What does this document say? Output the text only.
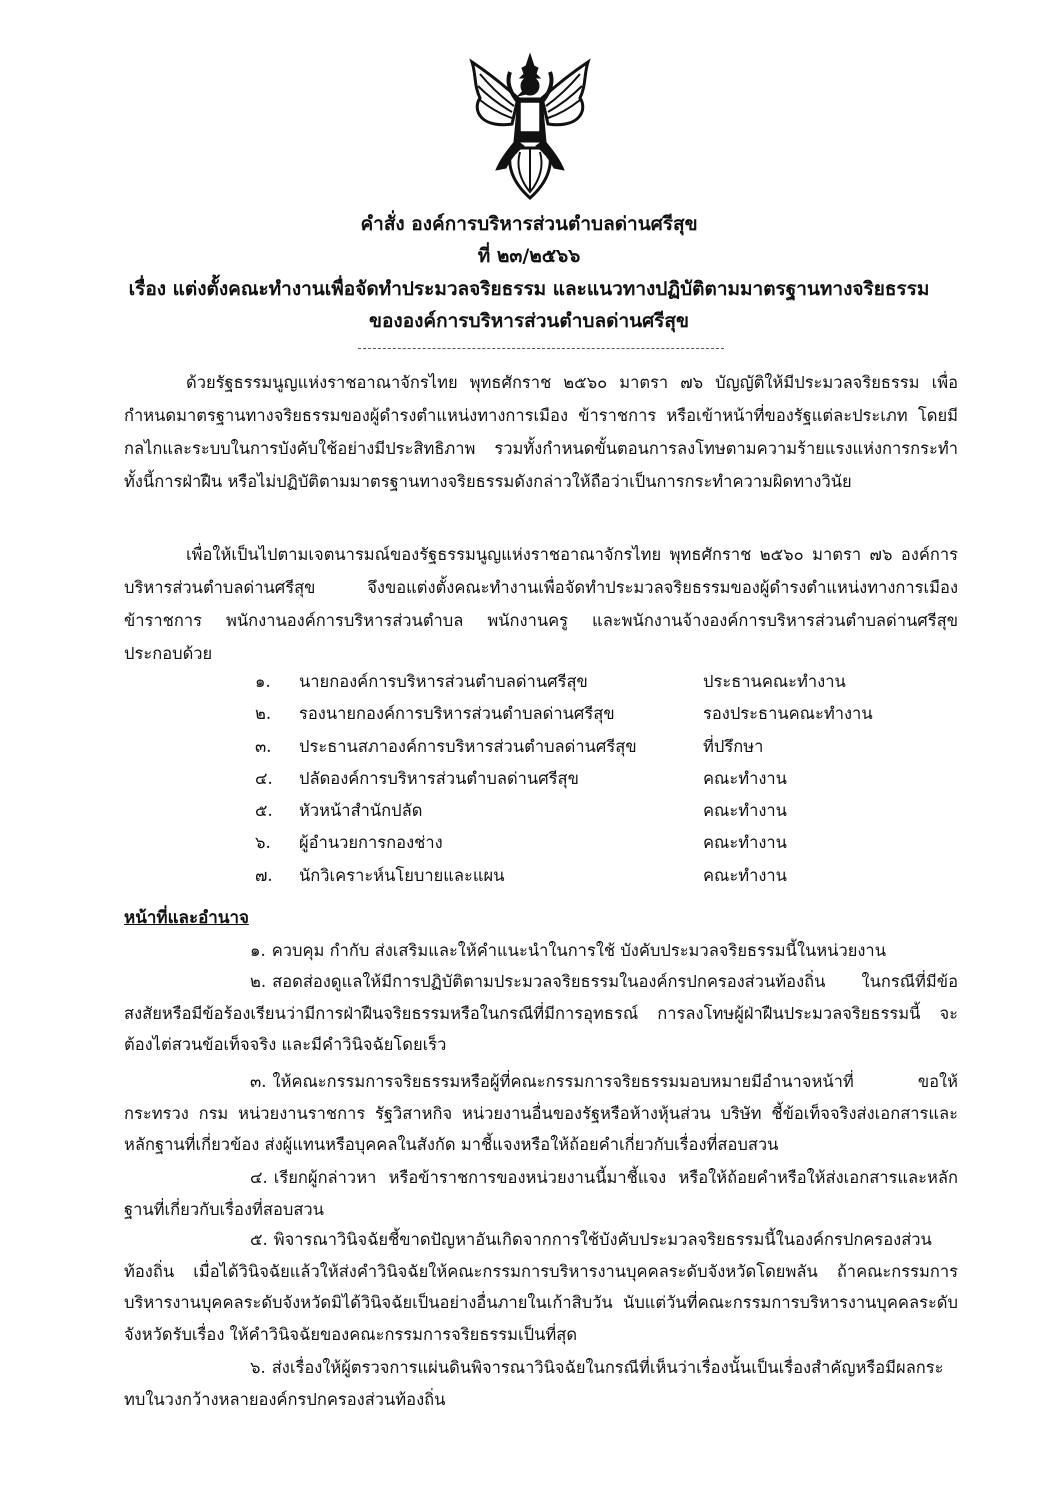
คำสั่ง องค์การบริหารส่วนตำบลด่านศรีสุข
ที่ ๒๓/๒๕๖๖
เรื่อง แต่งตั้งคณะทำงานเพื่อจัดทำประมวลจริยธรรม และแนวทางปฏิบัติตามมาตรฐานทางจริยธรรม
ขององค์การบริหารส่วนตำบลด่านศรีสุข
ด้วยรัฐธรรมนูญแห่งราชอาณาจักรไทย พุทธศักราช ๒๕๖๐ มาตรา ๗๖ บัญญัติให้มีประมวลจริยธรรม เพื่อกำหนดมาตรฐานทางจริยธรรมของผู้ดำรงตำแหน่งทางการเมือง ข้าราชการ หรือเข้าหน้าที่ของรัฐแต่ละประเภท โดยมีกลไกและระบบในการบังคับใช้อย่างมีประสิทธิภาพ รวมทั้งกำหนดขั้นตอนการลงโทษตามความร้ายแรงแห่งการกระทำ ทั้งนี้การฝ่าฝืน หรือไม่ปฏิบัติตามมาตรฐานทางจริยธรรมดังกล่าวให้ถือว่าเป็นการกระทำความผิดทางวินัย
เพื่อให้เป็นไปตามเจตนารมณ์ของรัฐธรรมนูญแห่งราชอาณาจักรไทย พุทธศักราช ๒๕๖๐ มาตรา ๗๖ องค์การบริหารส่วนตำบลด่านศรีสุข จึงขอแต่งตั้งคณะทำงานเพื่อจัดทำประมวลจริยธรรมของผู้ดำรงตำแหน่งทางการเมือง ข้าราชการ พนักงานองค์การบริหารส่วนตำบล พนักงานครู และพนักงานจ้างองค์การบริหารส่วนตำบลด่านศรีสุข ประกอบด้วย
๑.	นายกองค์การบริหารส่วนตำบลด่านศรีสุข	ประธานคณะทำงาน
๒.	รองนายกองค์การบริหารส่วนตำบลด่านศรีสุข	รองประธานคณะทำงาน
๓.	ประธานสภาองค์การบริหารส่วนตำบลด่านศรีสุข	ที่ปรึกษา
๔.	ปลัดองค์การบริหารส่วนตำบลด่านศรีสุข	คณะทำงาน
๕.	หัวหน้าสำนักปลัด	คณะทำงาน
๖.	ผู้อำนวยการกองช่าง	คณะทำงาน
๗.	นักวิเคราะห์นโยบายและแผน	คณะทำงาน
หน้าที่และอำนาจ
๑. ควบคุม กำกับ ส่งเสริมและให้คำแนะนำในการใช้ บังคับประมวลจริยธรรมนี้ในหน่วยงาน
๒. สอดส่องดูแลให้มีการปฏิบัติตามประมวลจริยธรรมในองค์กรปกครองส่วนท้องถิ่น ในกรณีที่มีข้อสงสัยหรือมีข้อร้องเรียนว่ามีการฝ่าฝืนจริยธรรมหรือในกรณีที่มีการอุทธรณ์ การลงโทษผู้ฝ่าฝืนประมวลจริยธรรมนี้ จะต้องไต่สวนข้อเท็จจริง และมีคำวินิจฉัยโดยเร็ว
๓. ให้คณะกรรมการจริยธรรมหรือผู้ที่คณะกรรมการจริยธรรมมอบหมายมีอำนาจหน้าที่ ขอให้กระทรวง กรม หน่วยงานราชการ รัฐวิสาหกิจ หน่วยงานอื่นของรัฐหรือห้างหุ้นส่วน บริษัท ชี้ข้อเท็จจริงส่งเอกสารและหลักฐานที่เกี่ยวข้อง ส่งผู้แทนหรือบุคคลในสังกัด มาชี้แจงหรือให้ถ้อยคำเกี่ยวกับเรื่องที่สอบสวน
๔. เรียกผู้กล่าวหา หรือข้าราชการของหน่วยงานนี้มาชี้แจง หรือให้ถ้อยคำหรือให้ส่งเอกสารและหลักฐานที่เกี่ยวกับเรื่องที่สอบสวน
๕. พิจารณาวินิจฉัยชี้ขาดปัญหาอันเกิดจากการใช้บังคับประมวลจริยธรรมนี้ในองค์กรปกครองส่วนท้องถิ่น เมื่อได้วินิจฉัยแล้วให้ส่งคำวินิจฉัยให้คณะกรรมการบริหารงานบุคคลระดับจังหวัดโดยพลัน ถ้าคณะกรรมการบริหารงานบุคคลระดับจังหวัดมิได้วินิจฉัยเป็นอย่างอื่นภายในเก้าสิบวัน นับแต่วันที่คณะกรรมการบริหารงานบุคคลระดับจังหวัดรับเรื่อง ให้คำวินิจฉัยของคณะกรรมการจริยธรรมเป็นที่สุด
๖. ส่งเรื่องให้ผู้ตรวจการแผ่นดินพิจารณาวินิจฉัยในกรณีที่เห็นว่าเรื่องนั้นเป็นเรื่องสำคัญหรือมีผลกระทบในวงกว้างหลายองค์กรปกครองส่วนท้องถิ่น
